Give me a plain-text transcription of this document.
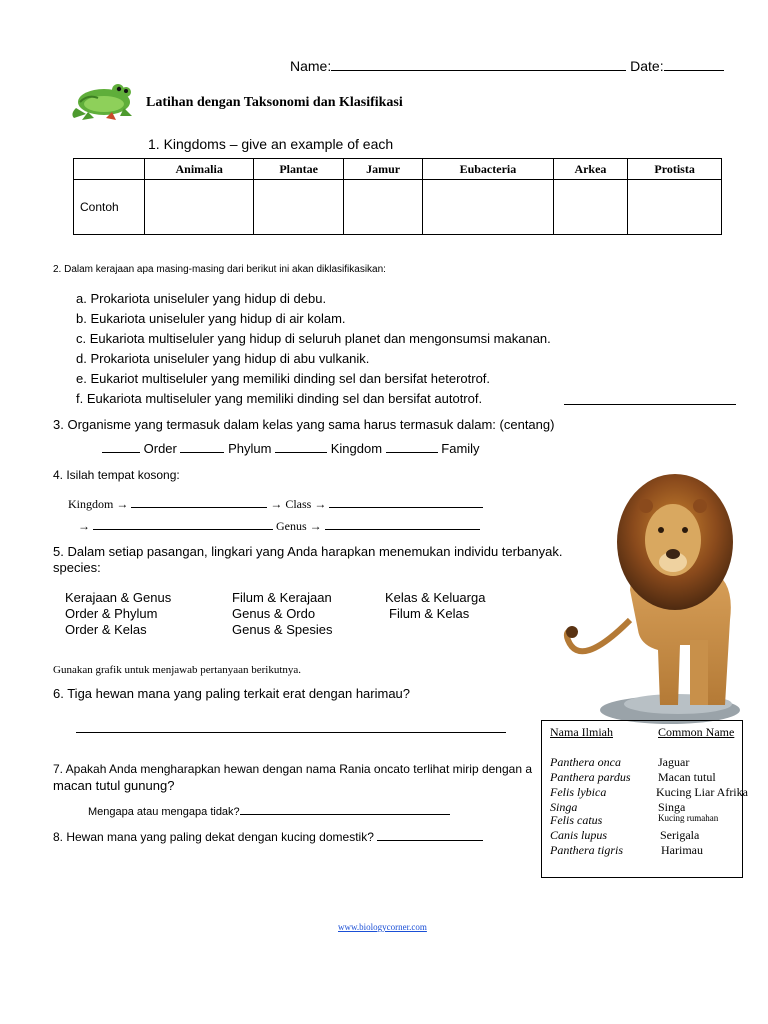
Name:	Date:
Latihan dengan Taksonomi dan Klasifikasi
1. Kingdoms – give an example of each
	Animalia	Plantae	Jamur	Eubacteria	Arkea	Protista
Contoh						
2. Dalam kerajaan apa masing-masing dari berikut ini akan diklasifikasikan:
a. Prokariota uniseluler yang hidup di debu.
b. Eukariota uniseluler yang hidup di air kolam.
c. Eukariota multiseluler yang hidup di seluruh planet dan mengonsumsi makanan.
d. Prokariota uniseluler yang hidup di abu vulkanik.
e. Eukariot multiseluler yang memiliki dinding sel dan bersifat heterotrof.
f. Eukariota multiseluler yang memiliki dinding sel dan bersifat autotrof.
3. Organisme yang termasuk dalam kelas yang sama harus termasuk dalam: (centang)
Order	Phylum	Kingdom	Family
4. Isilah tempat kosong:
Kingdom →	→ Class →
→	Genus →
5. Dalam setiap pasangan, lingkari yang Anda harapkan menemukan individu terbanyak.
species:
Kerajaan & Genus	Filum & Kerajaan	Kelas & Keluarga
Order & Phylum	Genus & Ordo	Filum & Kelas
Order & Kelas	Genus & Spesies
Gunakan grafik untuk menjawab pertanyaan berikutnya.
6. Tiga hewan mana yang paling terkait erat dengan harimau?
7. Apakah Anda mengharapkan hewan dengan nama Rania oncato terlihat mirip dengan a
macan tutul gunung?
Mengapa atau mengapa tidak?
8. Hewan mana yang paling dekat dengan kucing domestik?
Nama Ilmiah	Common Name
Panthera onca	Jaguar
Panthera pardus Macan tutul
Felis lybica	Kucing Liar Afrika
Singa	Singa
Felis catus	Kucing rumahan
Canis lupus	Serigala
Panthera tigris	Harimau
www.biologycorner.com
